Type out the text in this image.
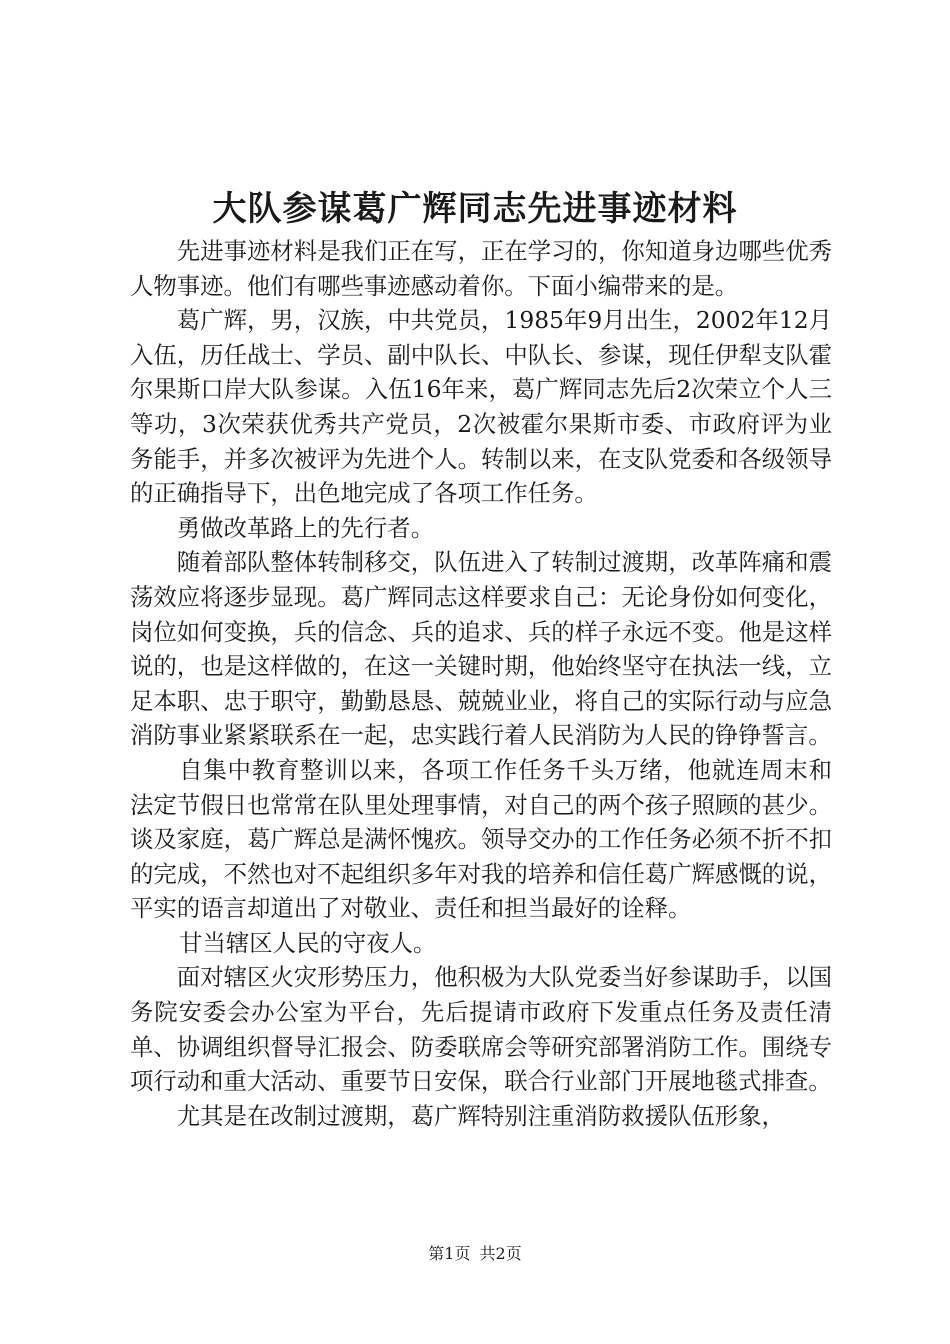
大队参谋葛广辉同志先进事迹材料

先进事迹材料是我们正在写，正在学习的，你知道身边哪些优秀人物事迹。他们有哪些事迹感动着你。下面小编带来的是。

葛广辉，男，汉族，中共党员，1985年9月出生，2002年12月入伍，历任战士、学员、副中队长、中队长、参谋，现任伊犁支队霍尔果斯口岸大队参谋。入伍16年来，葛广辉同志先后2次荣立个人三等功，3次荣获优秀共产党员，2次被霍尔果斯市委、市政府评为业务能手，并多次被评为先进个人。转制以来，在支队党委和各级领导的正确指导下，出色地完成了各项工作任务。

勇做改革路上的先行者。

随着部队整体转制移交，队伍进入了转制过渡期，改革阵痛和震荡效应将逐步显现。葛广辉同志这样要求自己：无论身份如何变化，岗位如何变换，兵的信念、兵的追求、兵的样子永远不变。他是这样说的，也是这样做的，在这一关键时期，他始终坚守在执法一线，立足本职、忠于职守，勤勤恳恳、兢兢业业，将自己的实际行动与应急消防事业紧紧联系在一起，忠实践行着人民消防为人民的铮铮誓言。

自集中教育整训以来，各项工作任务千头万绪，他就连周末和法定节假日也常常在队里处理事情，对自己的两个孩子照顾的甚少。谈及家庭，葛广辉总是满怀愧疚。领导交办的工作任务必须不折不扣的完成，不然也对不起组织多年对我的培养和信任葛广辉感慨的说，平实的语言却道出了对敬业、责任和担当最好的诠释。

甘当辖区人民的守夜人。

面对辖区火灾形势压力，他积极为大队党委当好参谋助手，以国务院安委会办公室为平台，先后提请市政府下发重点任务及责任清单、协调组织督导汇报会、防委联席会等研究部署消防工作。围绕专项行动和重大活动、重要节日安保，联合行业部门开展地毯式排查。

尤其是在改制过渡期，葛广辉特别注重消防救援队伍形象，

第1页 共2页
